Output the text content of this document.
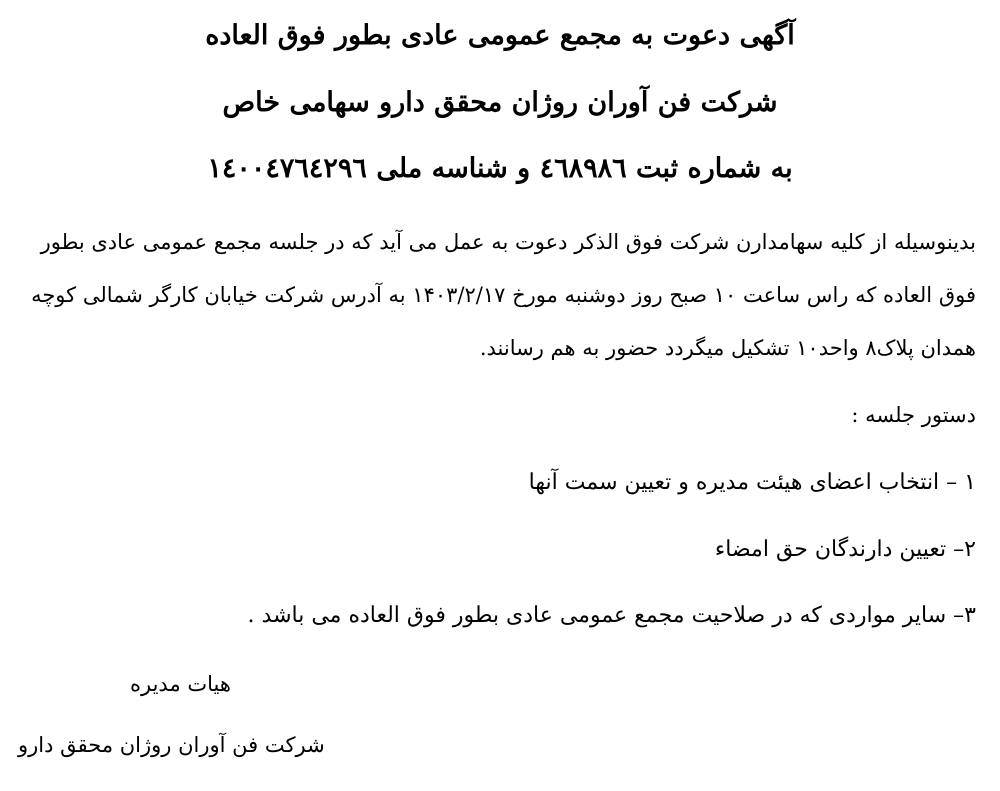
آگهی دعوت به مجمع عمومی عادی بطور فوق العاده
شرکت فن آوران روژان محقق دارو سهامی خاص
به شماره ثبت ٤٦٨٩٨٦ و شناسه ملی ١٤٠٠٤٧٦٤٢٩٦
بدینوسیله از کلیه سهامدارن شرکت فوق الذکر دعوت به عمل می آید که در جلسه مجمع عمومی عادی بطور
فوق العاده که راس ساعت ۱۰ صبح روز دوشنبه مورخ ۱۴۰۳/۲/۱۷ به آدرس شرکت خیابان کارگر شمالی کوچه
همدان پلاک۸ واحد۱۰ تشکیل میگردد حضور به هم رسانند.
دستور جلسه :
۱ – انتخاب اعضای هیئت مدیره و تعیین سمت آنها
۲– تعیین دارندگان حق امضاء
۳– سایر مواردی که در صلاحیت مجمع عمومی عادی بطور فوق العاده می باشد .
هیات مدیره
شرکت فن آوران روژان محقق دارو
